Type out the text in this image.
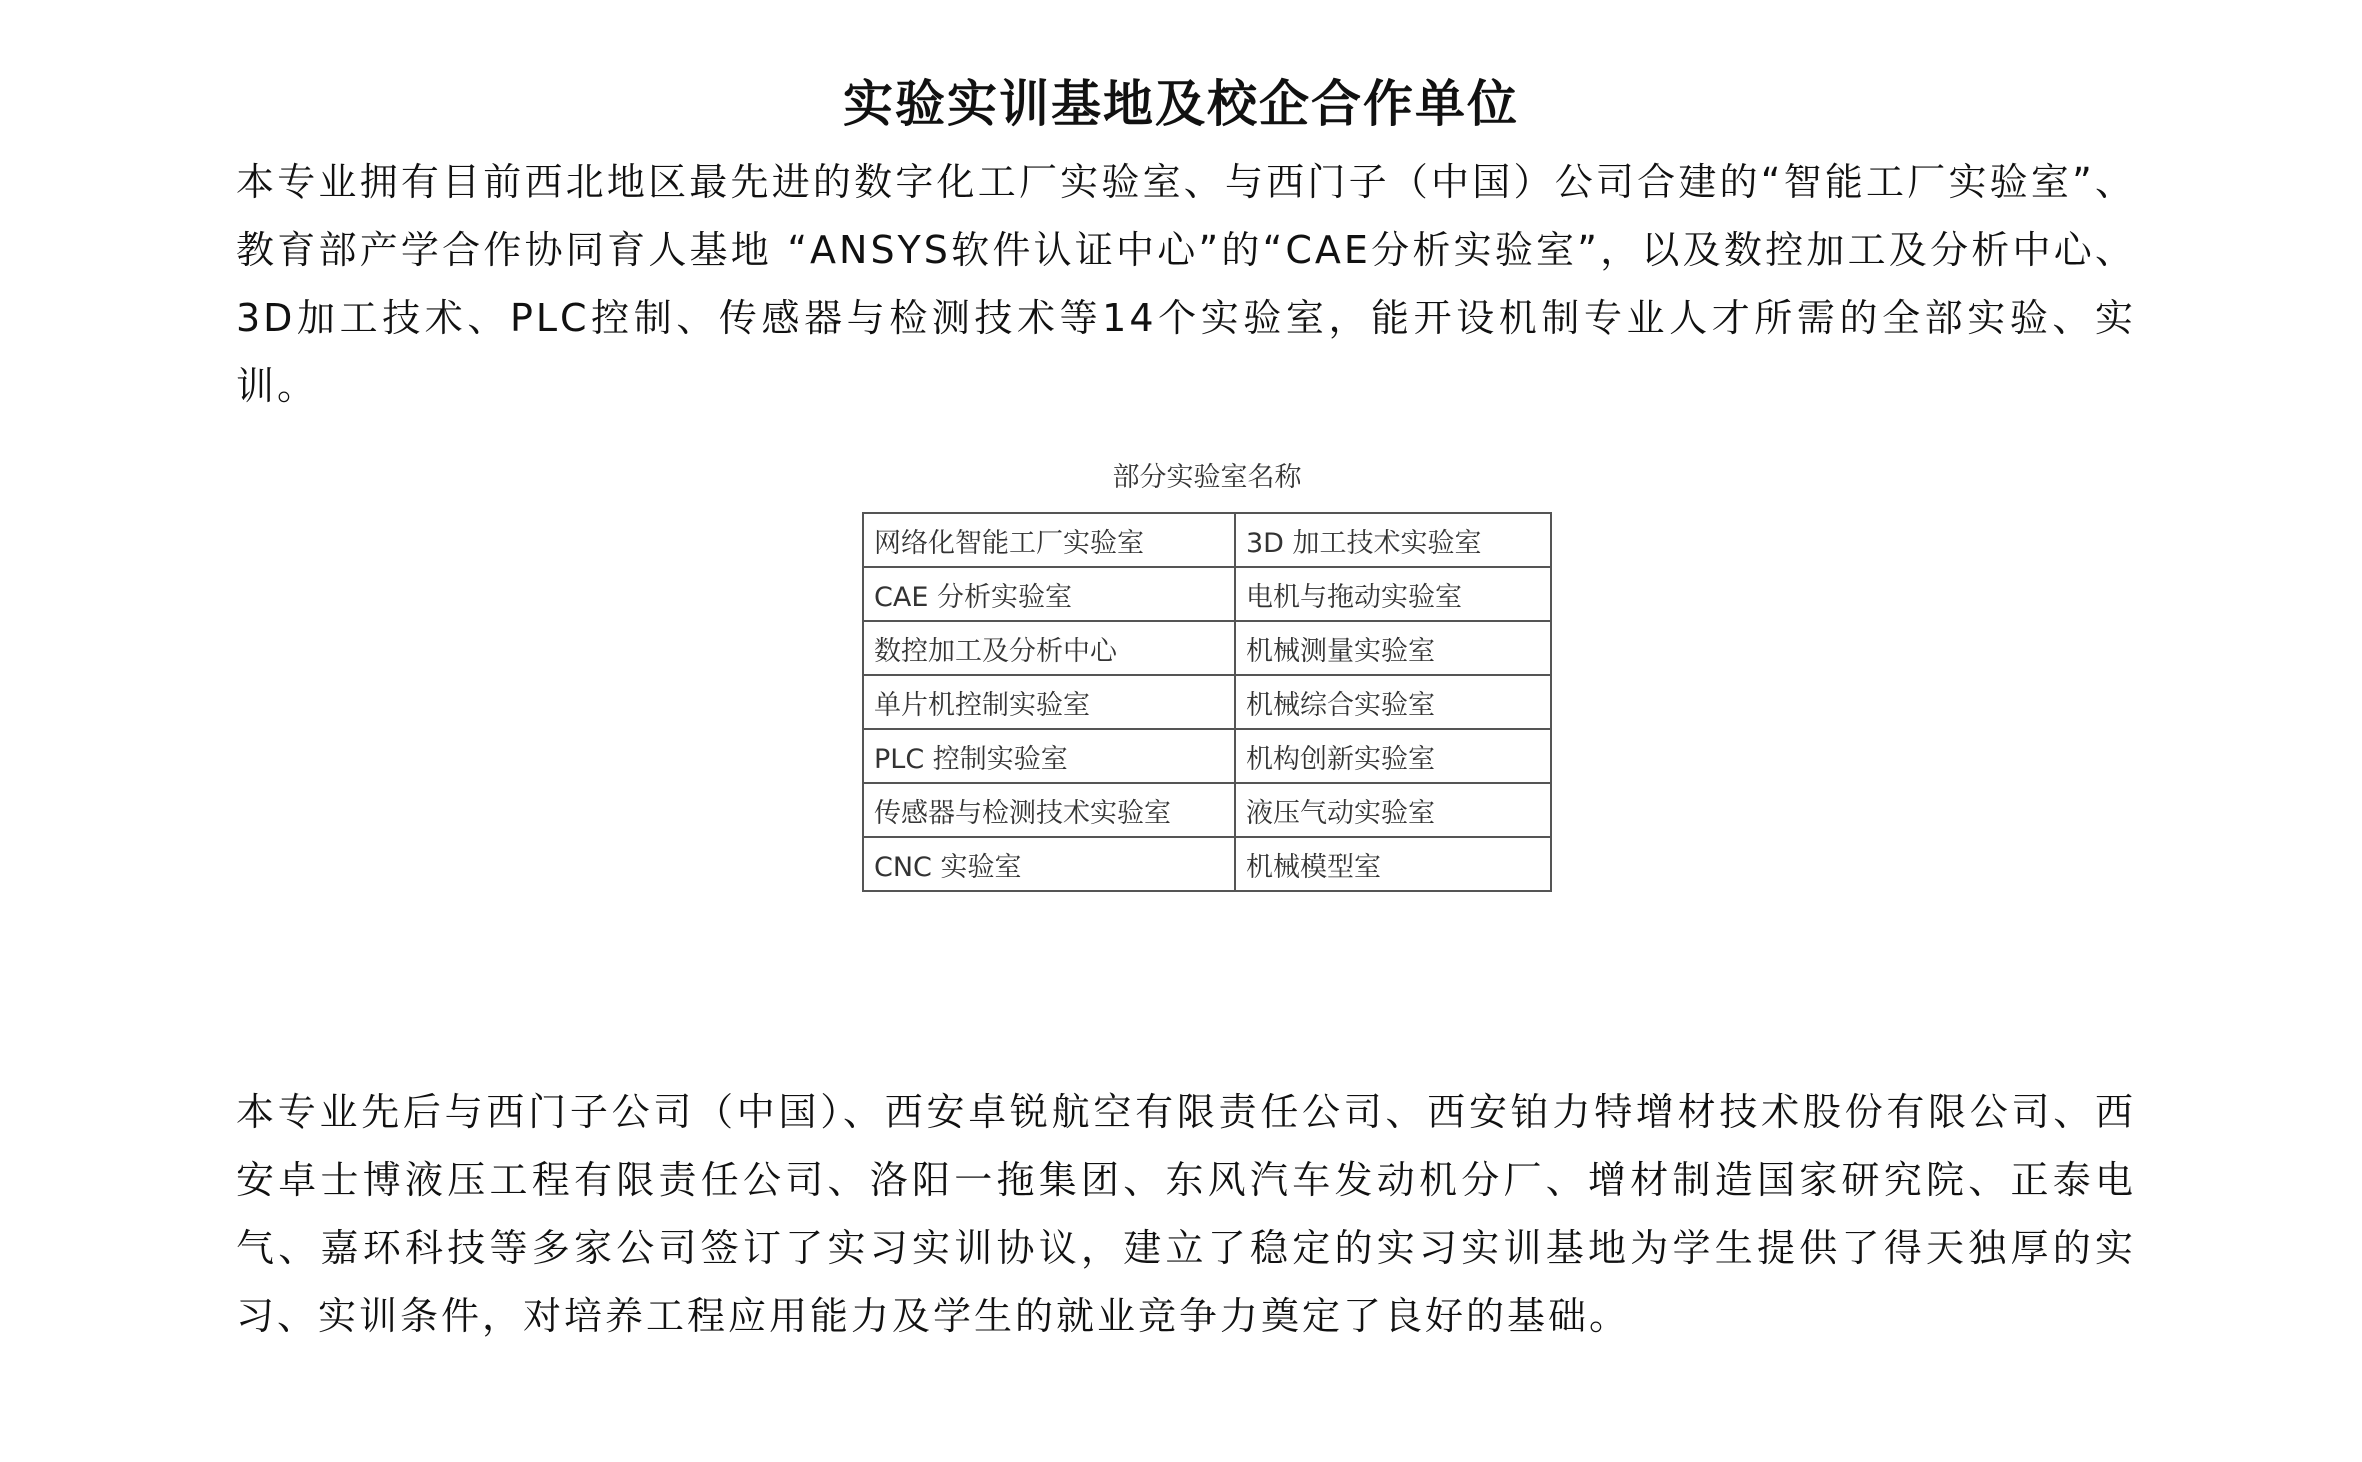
实验实训基地及校企合作单位

本专业拥有目前西北地区最先进的数字化工厂实验室、与西门子（中国）公司合建的“智能工厂实验室”、教育部产学合作协同育人基地 “ANSYS软件认证中心”的“CAE分析实验室”，以及数控加工及分析中心、3D加工技术、PLC控制、传感器与检测技术等14个实验室，能开设机制专业人才所需的全部实验、实训。

部分实验室名称
网络化智能工厂实验室	3D 加工技术实验室
CAE 分析实验室	电机与拖动实验室
数控加工及分析中心	机械测量实验室
单片机控制实验室	机械综合实验室
PLC 控制实验室	机构创新实验室
传感器与检测技术实验室	液压气动实验室
CNC 实验室	机械模型室

本专业先后与西门子公司（中国）、西安卓锐航空有限责任公司、西安铂力特增材技术股份有限公司、西安卓士博液压工程有限责任公司、洛阳一拖集团、东风汽车发动机分厂、增材制造国家研究院、正泰电气、嘉环科技等多家公司签订了实习实训协议，建立了稳定的实习实训基地为学生提供了得天独厚的实习、实训条件，对培养工程应用能力及学生的就业竞争力奠定了良好的基础。
